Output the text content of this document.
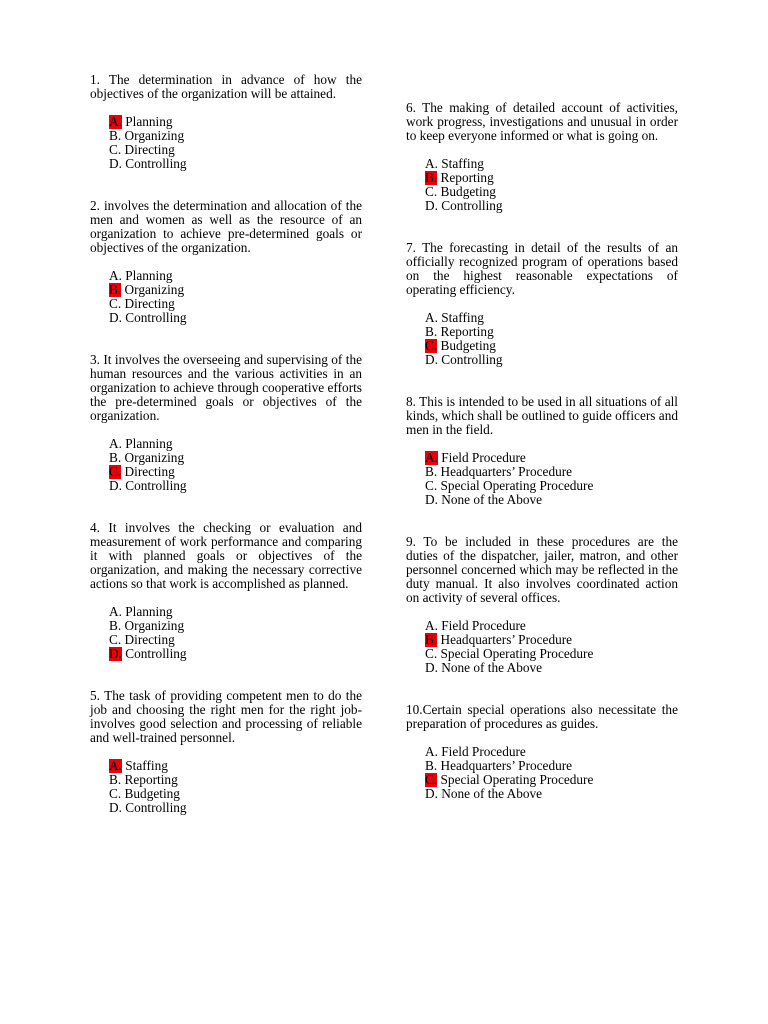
1. The determination in advance of how the objectives of the organization will be attained.

A. Planning
B. Organizing
C. Directing
D. Controlling

2. involves the determination and allocation of the men and women as well as the resource of an organization to achieve pre-determined goals or objectives of the organization.

A. Planning
B. Organizing
C. Directing
D. Controlling

3. It involves the overseeing and supervising of the human resources and the various activities in an organization to achieve through cooperative efforts the pre-determined goals or objectives of the organization.

A. Planning
B. Organizing
C. Directing
D. Controlling

4. It involves the checking or evaluation and measurement of work performance and comparing it with planned goals or objectives of the organization, and making the necessary corrective actions so that work is accomplished as planned.

A. Planning
B. Organizing
C. Directing
D. Controlling

5. The task of providing competent men to do the job and choosing the right men for the right job-involves good selection and processing of reliable and well-trained personnel.

A. Staffing
B. Reporting
C. Budgeting
D. Controlling

6. The making of detailed account of activities, work progress, investigations and unusual in order to keep everyone informed or what is going on.

A. Staffing
B. Reporting
C. Budgeting
D. Controlling

7. The forecasting in detail of the results of an officially recognized program of operations based on the highest reasonable expectations of operating efficiency.

A. Staffing
B. Reporting
C. Budgeting
D. Controlling

8. This is intended to be used in all situations of all kinds, which shall be outlined to guide officers and men in the field.

A. Field Procedure
B. Headquarters’ Procedure
C. Special Operating Procedure
D. None of the Above

9. To be included in these procedures are the duties of the dispatcher, jailer, matron, and other personnel concerned which may be reflected in the duty manual. It also involves coordinated action on activity of several offices.

A. Field Procedure
B. Headquarters’ Procedure
C. Special Operating Procedure
D. None of the Above

10.Certain special operations also necessitate the preparation of procedures as guides.

A. Field Procedure
B. Headquarters’ Procedure
C. Special Operating Procedure
D. None of the Above
